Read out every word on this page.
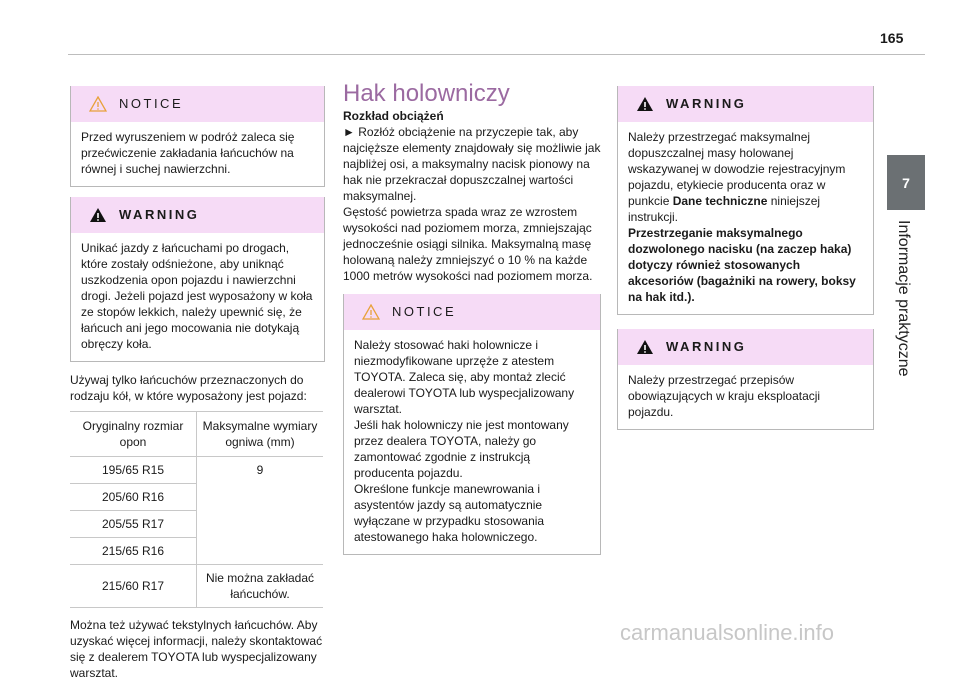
165
7
Informacje praktyczne
NOTICE

Przed wyruszeniem w podróż zaleca się przećwiczenie zakładania łańcuchów na równej i suchej nawierzchni.

WARNING

Unikać jazdy z łańcuchami po drogach, które zostały odśnieżone, aby uniknąć uszkodzenia opon pojazdu i nawierzchni drogi. Jeżeli pojazd jest wyposażony w koła ze stopów lekkich, należy upewnić się, że łańcuch ani jego mocowania nie dotykają obręczy koła.

Używaj tylko łańcuchów przeznaczonych do rodzaju kół, w które wyposażony jest pojazd:

Oryginalny rozmiar opon	Maksymalne wymiary ogniwa (mm)
195/65 R15	9
205/60 R16	
205/55 R17	
215/65 R16	
215/60 R17	Nie można zakładać łańcuchów.

Można też używać tekstylnych łańcuchów. Aby uzyskać więcej informacji, należy skontaktować się z dealerem TOYOTA lub wyspecjalizowany warsztat.

Hak holowniczy

Rozkład obciążeń

► Rozłóż obciążenie na przyczepie tak, aby najcięższe elementy znajdowały się możliwie jak najbliżej osi, a maksymalny nacisk pionowy na hak nie przekraczał dopuszczalnej wartości maksymalnej.

Gęstość powietrza spada wraz ze wzrostem wysokości nad poziomem morza, zmniejszając jednocześnie osiągi silnika. Maksymalną masę holowaną należy zmniejszyć o 10 % na każde 1000 metrów wysokości nad poziomem morza.

NOTICE

Należy stosować haki holownicze i niezmodyfikowane uprzęże z atestem TOYOTA. Zaleca się, aby montaż zlecić dealerowi TOYOTA lub wyspecjalizowany warsztat.

Jeśli hak holowniczy nie jest montowany przez dealera TOYOTA, należy go zamontować zgodnie z instrukcją producenta pojazdu.

Określone funkcje manewrowania i asystentów jazdy są automatycznie wyłączane w przypadku stosowania atestowanego haka holowniczego.

WARNING

Należy przestrzegać maksymalnej dopuszczalnej masy holowanej wskazywanej w dowodzie rejestracyjnym pojazdu, etykiecie producenta oraz w punkcie Dane techniczne niniejszej instrukcji.

Przestrzeganie maksymalnego dozwolonego nacisku (na zaczep haka) dotyczy również stosowanych akcesoriów (bagażniki na rowery, boksy na hak itd.).

WARNING

Należy przestrzegać przepisów obowiązujących w kraju eksploatacji pojazdu.

carmanualsonline.info
